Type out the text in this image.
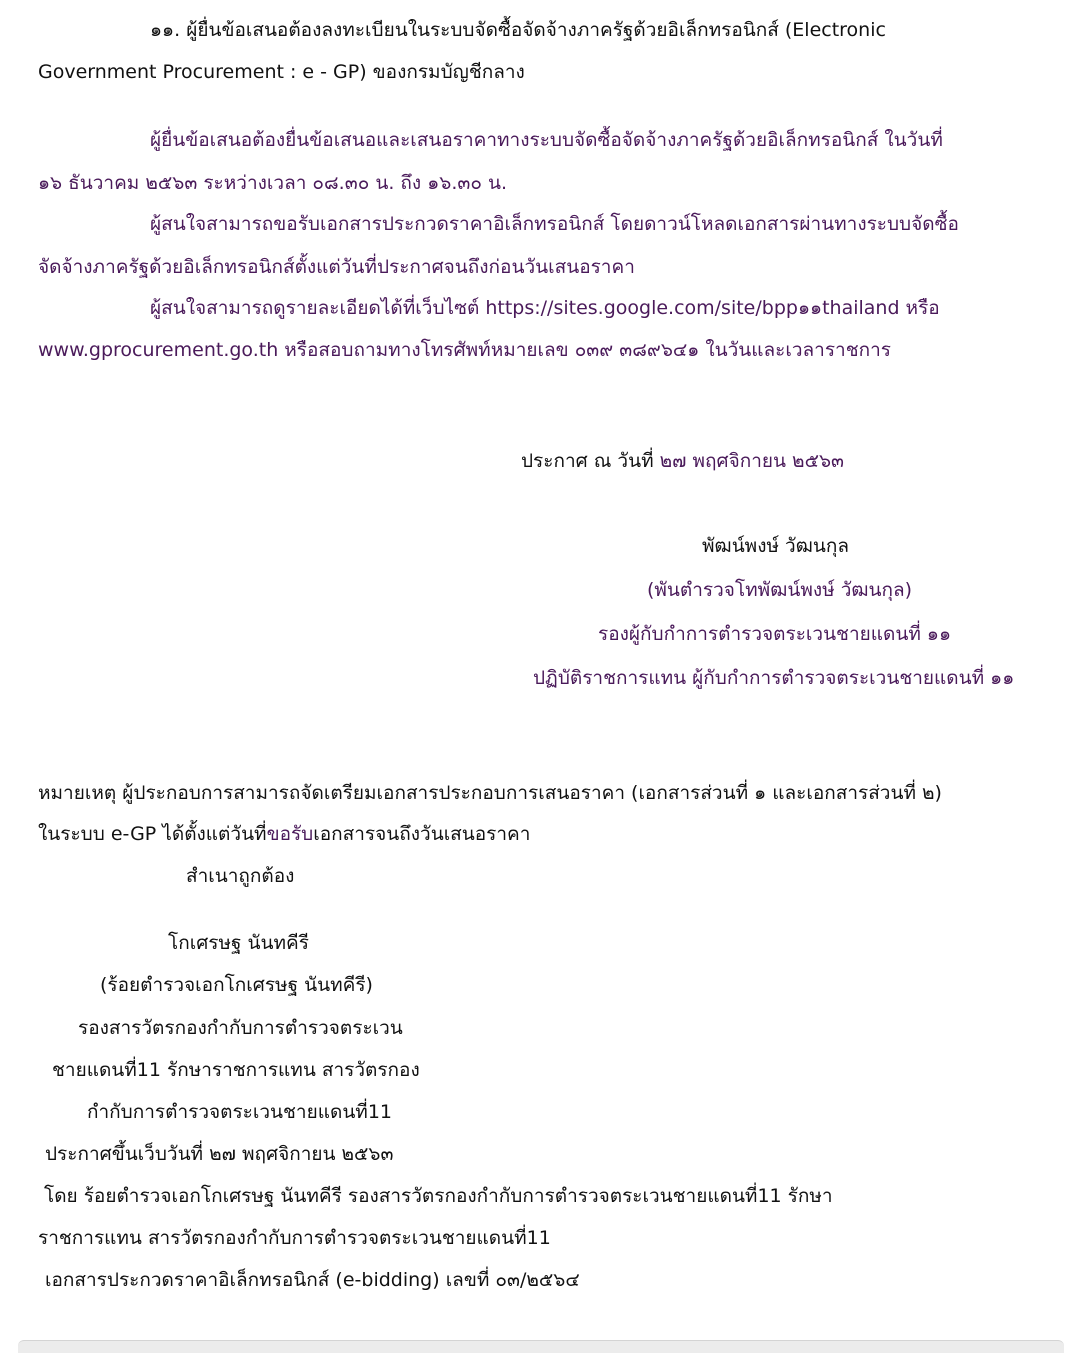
๑๑. ผู้ยื่นข้อเสนอต้องลงทะเบียนในระบบจัดซื้อจัดจ้างภาครัฐด้วยอิเล็กทรอนิกส์ (Electronic
Government Procurement : e - GP) ของกรมบัญชีกลาง
ผู้ยื่นข้อเสนอต้องยื่นข้อเสนอและเสนอราคาทางระบบจัดซื้อจัดจ้างภาครัฐด้วยอิเล็กทรอนิกส์ ในวันที่
๑๖ ธันวาคม ๒๕๖๓ ระหว่างเวลา ๐๘.๓๐ น. ถึง ๑๖.๓๐ น.
ผู้สนใจสามารถขอรับเอกสารประกวดราคาอิเล็กทรอนิกส์ โดยดาวน์โหลดเอกสารผ่านทางระบบจัดซื้อ
จัดจ้างภาครัฐด้วยอิเล็กทรอนิกส์ตั้งแต่วันที่ประกาศจนถึงก่อนวันเสนอราคา
ผู้สนใจสามารถดูรายละเอียดได้ที่เว็บไซต์ https://sites.google.com/site/bpp๑๑thailand หรือ
www.gprocurement.go.th หรือสอบถามทางโทรศัพท์หมายเลข ๐๓๙ ๓๘๙๖๔๑ ในวันและเวลาราชการ
ประกาศ ณ วันที่ ๒๗ พฤศจิกายน ๒๕๖๓
พัฒน์พงษ์ วัฒนกุล
(พันตำรวจโทพัฒน์พงษ์ วัฒนกุล)
รองผู้กับกำการตำรวจตระเวนชายแดนที่ ๑๑
ปฏิบัติราชการแทน ผู้กับกำการตำรวจตระเวนชายแดนที่ ๑๑
หมายเหตุ ผู้ประกอบการสามารถจัดเตรียมเอกสารประกอบการเสนอราคา (เอกสารส่วนที่ ๑ และเอกสารส่วนที่ ๒)
ในระบบ e-GP ได้ตั้งแต่วันที่ขอรับเอกสารจนถึงวันเสนอราคา
สำเนาถูกต้อง
โกเศรษฐ นันทคีรี
(ร้อยตำรวจเอกโกเศรษฐ นันทคีรี)
รองสารวัตรกองกำกับการตำรวจตระเวน
ชายแดนที่11 รักษาราชการแทน สารวัตรกอง
กำกับการตำรวจตระเวนชายแดนที่11
ประกาศขึ้นเว็บวันที่ ๒๗ พฤศจิกายน ๒๕๖๓
โดย ร้อยตำรวจเอกโกเศรษฐ นันทคีรี รองสารวัตรกองกำกับการตำรวจตระเวนชายแดนที่11 รักษา
ราชการแทน สารวัตรกองกำกับการตำรวจตระเวนชายแดนที่11
เอกสารประกวดราคาอิเล็กทรอนิกส์ (e-bidding) เลขที่ ๐๓/๒๕๖๔
